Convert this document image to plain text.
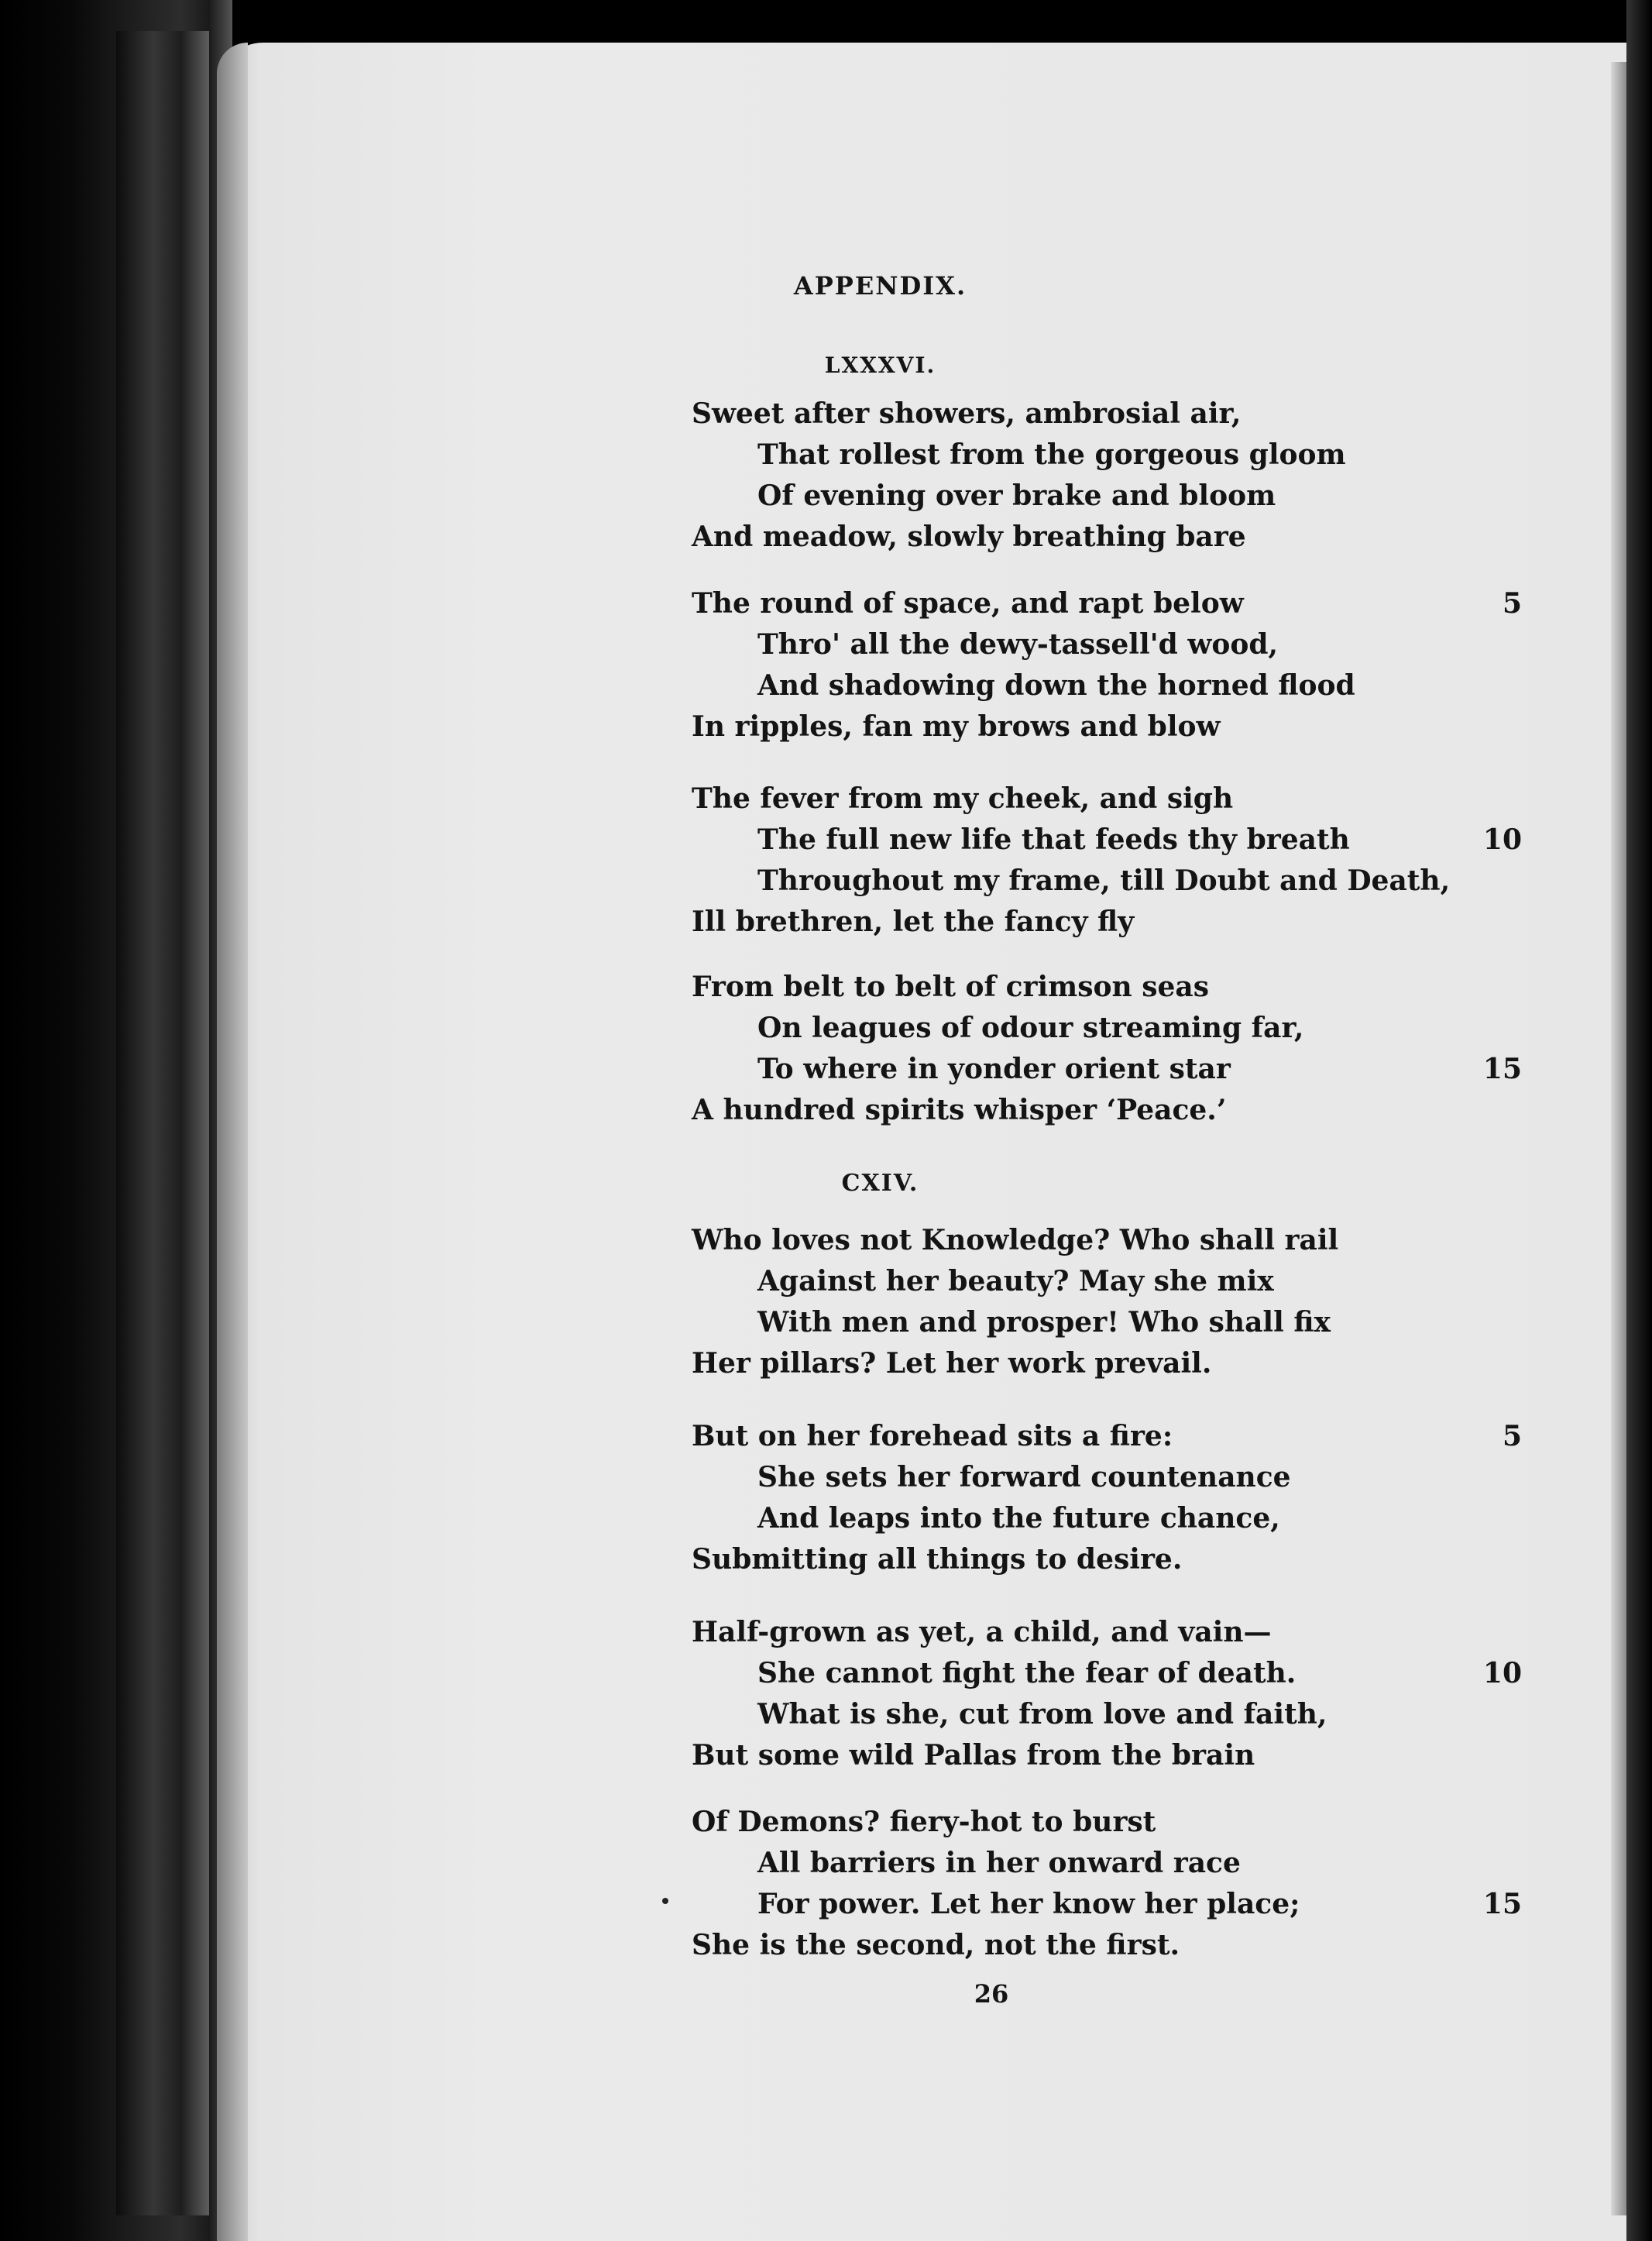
APPENDIX.
LXXXVI.
Sweet after showers, ambrosial air,
That rollest from the gorgeous gloom
Of evening over brake and bloom
And meadow, slowly breathing bare
The round of space, and rapt below
Thro' all the dewy-tassell'd wood,
And shadowing down the horned flood
In ripples, fan my brows and blow
5
The fever from my cheek, and sigh
The full new life that feeds thy breath
Throughout my frame, till Doubt and Death,
Ill brethren, let the fancy fly
10
From belt to belt of crimson seas
On leagues of odour streaming far,
To where in yonder orient star
A hundred spirits whisper ‘Peace.’
15
CXIV.
Who loves not Knowledge? Who shall rail
Against her beauty? May she mix
With men and prosper! Who shall fix
Her pillars? Let her work prevail.
But on her forehead sits a fire:
She sets her forward countenance
And leaps into the future chance,
Submitting all things to desire.
5
Half-grown as yet, a child, and vain—
She cannot fight the fear of death.
What is she, cut from love and faith,
But some wild Pallas from the brain
10
Of Demons? fiery-hot to burst
All barriers in her onward race
For power. Let her know her place;
She is the second, not the first.
15
26
